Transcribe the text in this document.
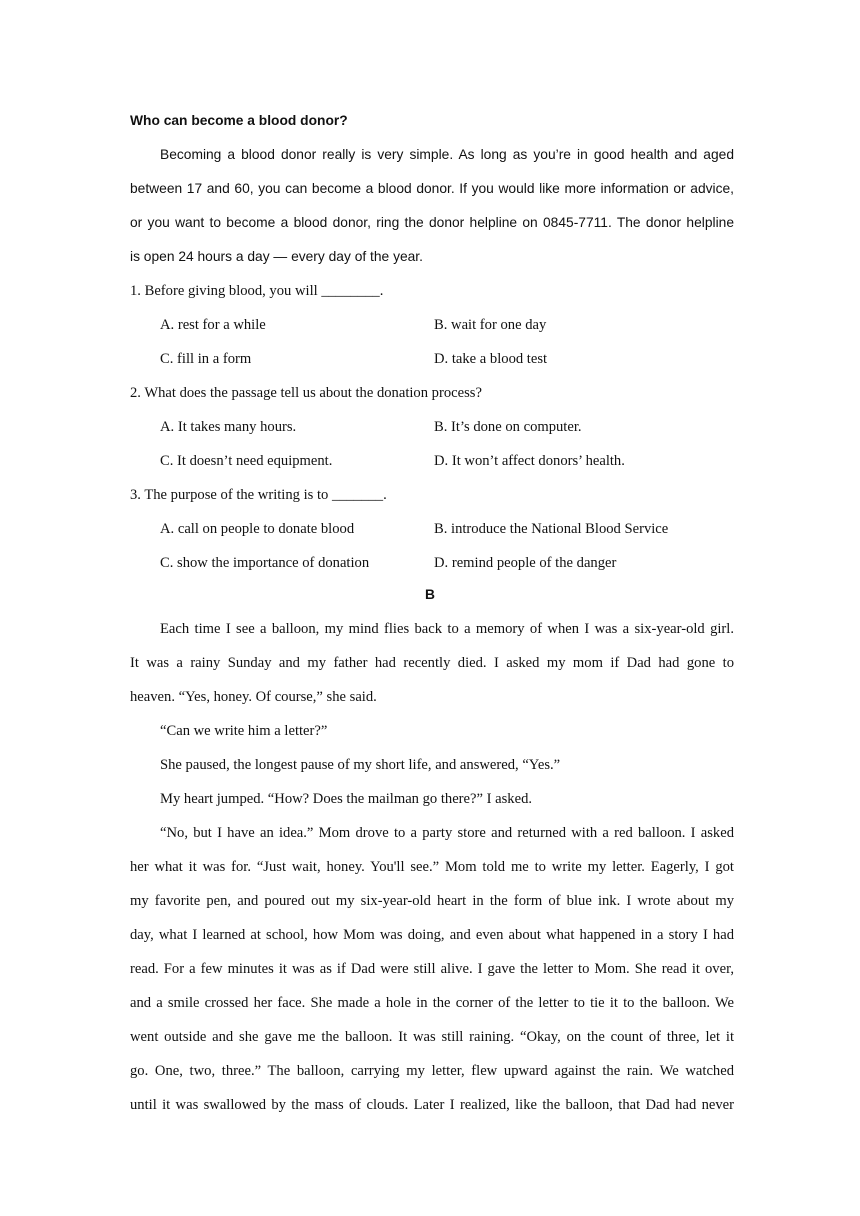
Who can become a blood donor?
Becoming a blood donor really is very simple. As long as you’re in good health and aged
between 17 and 60, you can become a blood donor. If you would like more information or advice,
or you want to become a blood donor, ring the donor helpline on 0845-7711. The donor helpline
is open 24 hours a day — every day of the year.
1. Before giving blood, you will ________.
A. rest for a while	B. wait for one day
C. fill in a form	D. take a blood test
2. What does the passage tell us about the donation process?
A. It takes many hours.	B. It’s done on computer.
C. It doesn’t need equipment.	D. It won’t affect donors’ health.
3. The purpose of the writing is to _______.
A. call on people to donate blood	B. introduce the National Blood Service
C. show the importance of donation	D. remind people of the danger
B
Each time I see a balloon, my mind flies back to a memory of when I was a six-year-old girl.
It was a rainy Sunday and my father had recently died. I asked my mom if Dad had gone to
heaven. “Yes, honey. Of course,” she said.
“Can we write him a letter?”
She paused, the longest pause of my short life, and answered, “Yes.”
My heart jumped. “How? Does the mailman go there?” I asked.
“No, but I have an idea.” Mom drove to a party store and returned with a red balloon. I asked
her what it was for. “Just wait, honey. You'll see.” Mom told me to write my letter. Eagerly, I got
my favorite pen, and poured out my six-year-old heart in the form of blue ink. I wrote about my
day, what I learned at school, how Mom was doing, and even about what happened in a story I had
read. For a few minutes it was as if Dad were still alive. I gave the letter to Mom. She read it over,
and a smile crossed her face. She made a hole in the corner of the letter to tie it to the balloon. We
went outside and she gave me the balloon. It was still raining. “Okay, on the count of three, let it
go. One, two, three.” The balloon, carrying my letter, flew upward against the rain. We watched
until it was swallowed by the mass of clouds. Later I realized, like the balloon, that Dad had never
